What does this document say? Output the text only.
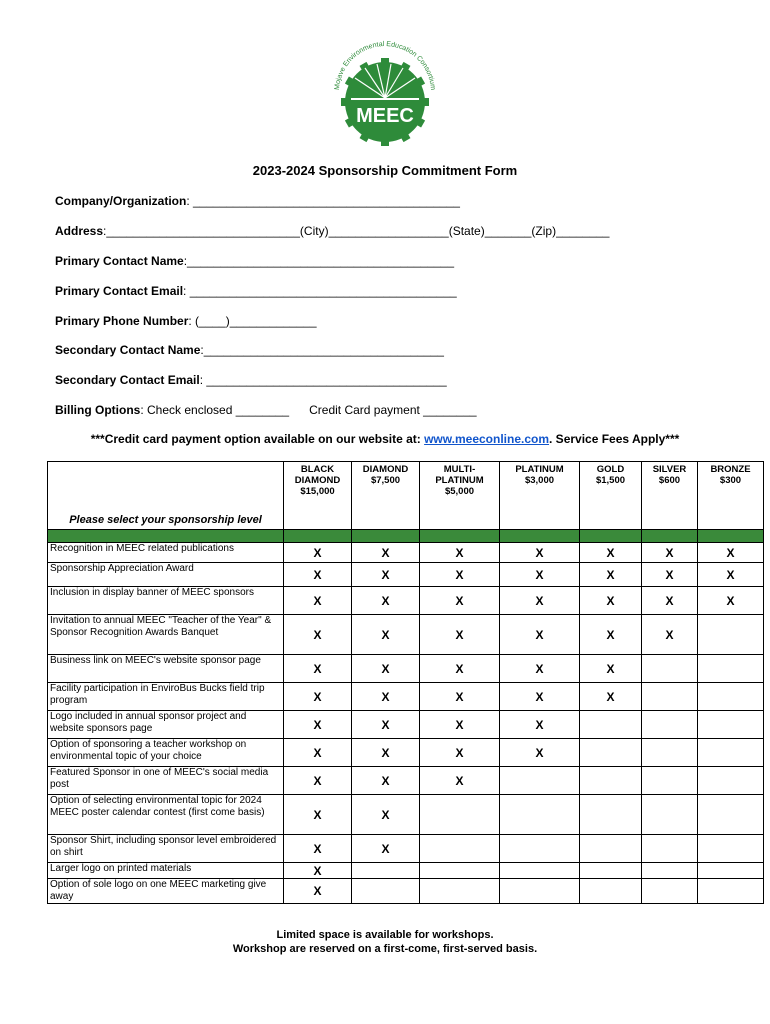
MEEC
Mojave Environmental Education Consortium
2023-2024 Sponsorship Commitment Form
Company/Organization: ________________________________________
Address:_____________________________(City)__________________(State)_______(Zip)________
Primary Contact Name:________________________________________
Primary Contact Email: ________________________________________
Primary Phone Number: (____)_____________
Secondary Contact Name:____________________________________
Secondary Contact Email: ____________________________________
Billing Options: Check enclosed ________      Credit Card payment ________
***Credit card payment option available on our website at: www.meeconline.com. Service Fees Apply***
Please select your sponsorship level	BLACK DIAMOND $15,000	DIAMOND $7,500	MULTI-PLATINUM $5,000	PLATINUM $3,000	GOLD $1,500	SILVER $600	BRONZE $300

Recognition in MEEC related publications	X	X	X	X	X	X	X
Sponsorship Appreciation Award	X	X	X	X	X	X	X
Inclusion in display banner of MEEC sponsors	X	X	X	X	X	X	X
Invitation to annual MEEC "Teacher of the Year" & Sponsor Recognition Awards Banquet	X	X	X	X	X	X	
Business link on MEEC's website sponsor page	X	X	X	X	X		
Facility participation in EnviroBus Bucks field trip program	X	X	X	X	X		
Logo included in annual sponsor project and website sponsors page	X	X	X	X			
Option of sponsoring a teacher workshop on environmental topic of your choice	X	X	X	X			
Featured Sponsor in one of MEEC's social media post	X	X	X				
Option of selecting environmental topic for 2024 MEEC poster calendar contest (first come basis)	X	X					
Sponsor Shirt, including sponsor level embroidered on shirt	X	X					
Larger logo on printed materials	X						
Option of sole logo on one MEEC marketing give away	X						
Limited space is available for workshops.
Workshop are reserved on a first-come, first-served basis.
